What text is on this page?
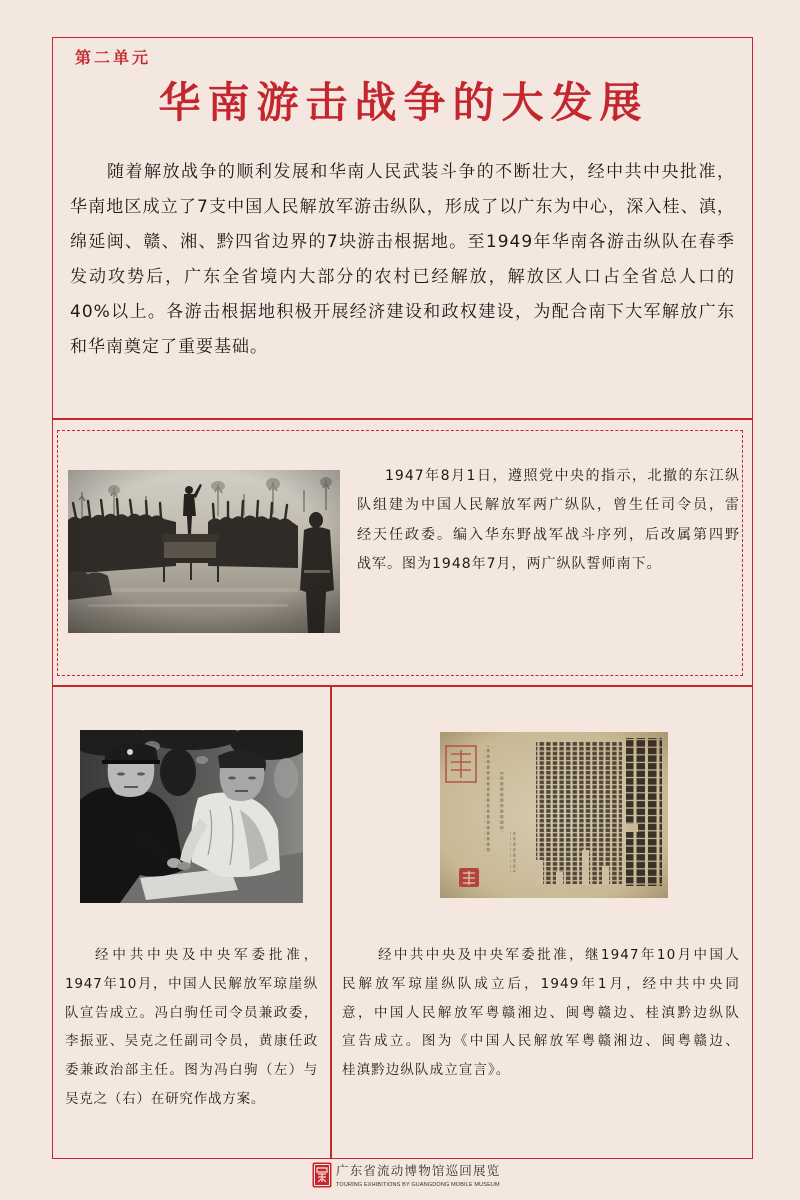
第二单元
华南游击战争的大发展
随着解放战争的顺利发展和华南人民武装斗争的不断壮大，经中共中央批准，
华南地区成立了7支中国人民解放军游击纵队，形成了以广东为中心，深入桂、滇，
绵延闽、赣、湘、黔四省边界的7块游击根据地。至1949年华南各游击纵队在春季
发动攻势后，广东全省境内大部分的农村已经解放，解放区人口占全省总人口的
40%以上。各游击根据地积极开展经济建设和政权建设，为配合南下大军解放广东
和华南奠定了重要基础。
1947年8月1日，遵照党中央的指示，北撤的东江纵
队组建为中国人民解放军两广纵队，曾生任司令员，雷
经天任政委。编入华东野战军战斗序列，后改属第四野
战军。图为1948年7月，两广纵队誓师南下。
经中共中央及中央军委批准，
1947年10月，中国人民解放军琼崖纵
队宣告成立。冯白驹任司令员兼政委，
李振亚、吴克之任副司令员，黄康任政
委兼政治部主任。图为冯白驹（左）与
吴克之（右）在研究作战方案。
经中共中央及中央军委批准，继1947年10月中国人
民解放军琼崖纵队成立后，1949年1月，经中共中央同
意，中国人民解放军粤赣湘边、闽粤赣边、桂滇黔边纵队
宣告成立。图为《中国人民解放军粤赣湘边、闽粤赣边、
桂滇黔边纵队成立宣言》。
广东省流动博物馆巡回展览
TOURING EXHIBITIONS BY GUANGDONG MOBILE MUSEUM
